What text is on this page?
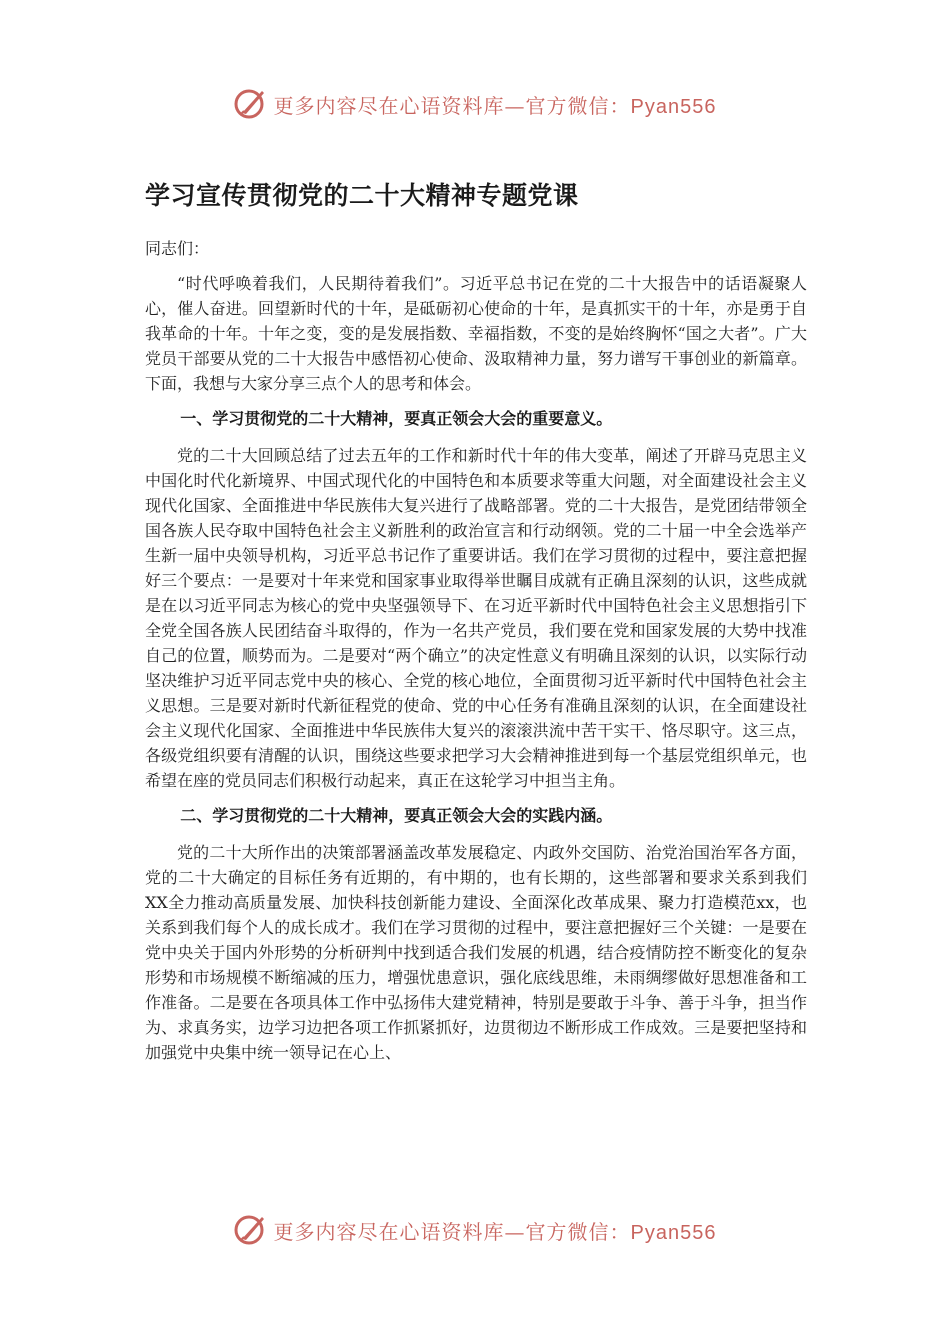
更多内容尽在心语资料库—官方微信：Pyan556
学习宣传贯彻党的二十大精神专题党课
同志们：

“时代呼唤着我们，人民期待着我们”。习近平总书记在党的二十大报告中的话语凝聚人心，催人奋进。回望新时代的十年，是砥砺初心使命的十年，是真抓实干的十年，亦是勇于自我革命的十年。十年之变，变的是发展指数、幸福指数，不变的是始终胸怀“国之大者”。广大党员干部要从党的二十大报告中感悟初心使命、汲取精神力量，努力谱写干事创业的新篇章。下面，我想与大家分享三点个人的思考和体会。

一、学习贯彻党的二十大精神，要真正领会大会的重要意义。

党的二十大回顾总结了过去五年的工作和新时代十年的伟大变革，阐述了开辟马克思主义中国化时代化新境界、中国式现代化的中国特色和本质要求等重大问题，对全面建设社会主义现代化国家、全面推进中华民族伟大复兴进行了战略部署。党的二十大报告，是党团结带领全国各族人民夺取中国特色社会主义新胜利的政治宣言和行动纲领。党的二十届一中全会选举产生新一届中央领导机构，习近平总书记作了重要讲话。我们在学习贯彻的过程中，要注意把握好三个要点：一是要对十年来党和国家事业取得举世瞩目成就有正确且深刻的认识，这些成就是在以习近平同志为核心的党中央坚强领导下、在习近平新时代中国特色社会主义思想指引下全党全国各族人民团结奋斗取得的，作为一名共产党员，我们要在党和国家发展的大势中找准自己的位置，顺势而为。二是要对“两个确立”的决定性意义有明确且深刻的认识，以实际行动坚决维护习近平同志党中央的核心、全党的核心地位，全面贯彻习近平新时代中国特色社会主义思想。三是要对新时代新征程党的使命、党的中心任务有准确且深刻的认识，在全面建设社会主义现代化国家、全面推进中华民族伟大复兴的滚滚洪流中苦干实干、恪尽职守。这三点，各级党组织要有清醒的认识，围绕这些要求把学习大会精神推进到每一个基层党组织单元，也希望在座的党员同志们积极行动起来，真正在这轮学习中担当主角。

二、学习贯彻党的二十大精神，要真正领会大会的实践内涵。

党的二十大所作出的决策部署涵盖改革发展稳定、内政外交国防、治党治国治军各方面，党的二十大确定的目标任务有近期的，有中期的，也有长期的，这些部署和要求关系到我们XX全力推动高质量发展、加快科技创新能力建设、全面深化改革成果、聚力打造模范xx，也关系到我们每个人的成长成才。我们在学习贯彻的过程中，要注意把握好三个关键：一是要在党中央关于国内外形势的分析研判中找到适合我们发展的机遇，结合疫情防控不断变化的复杂形势和市场规模不断缩减的压力，增强忧患意识，强化底线思维，未雨绸缪做好思想准备和工作准备。二是要在各项具体工作中弘扬伟大建党精神，特别是要敢于斗争、善于斗争，担当作为、求真务实，边学习边把各项工作抓紧抓好，边贯彻边不断形成工作成效。三是要把坚持和加强党中央集中统一领导记在心上、

更多内容尽在心语资料库—官方微信：Pyan556
